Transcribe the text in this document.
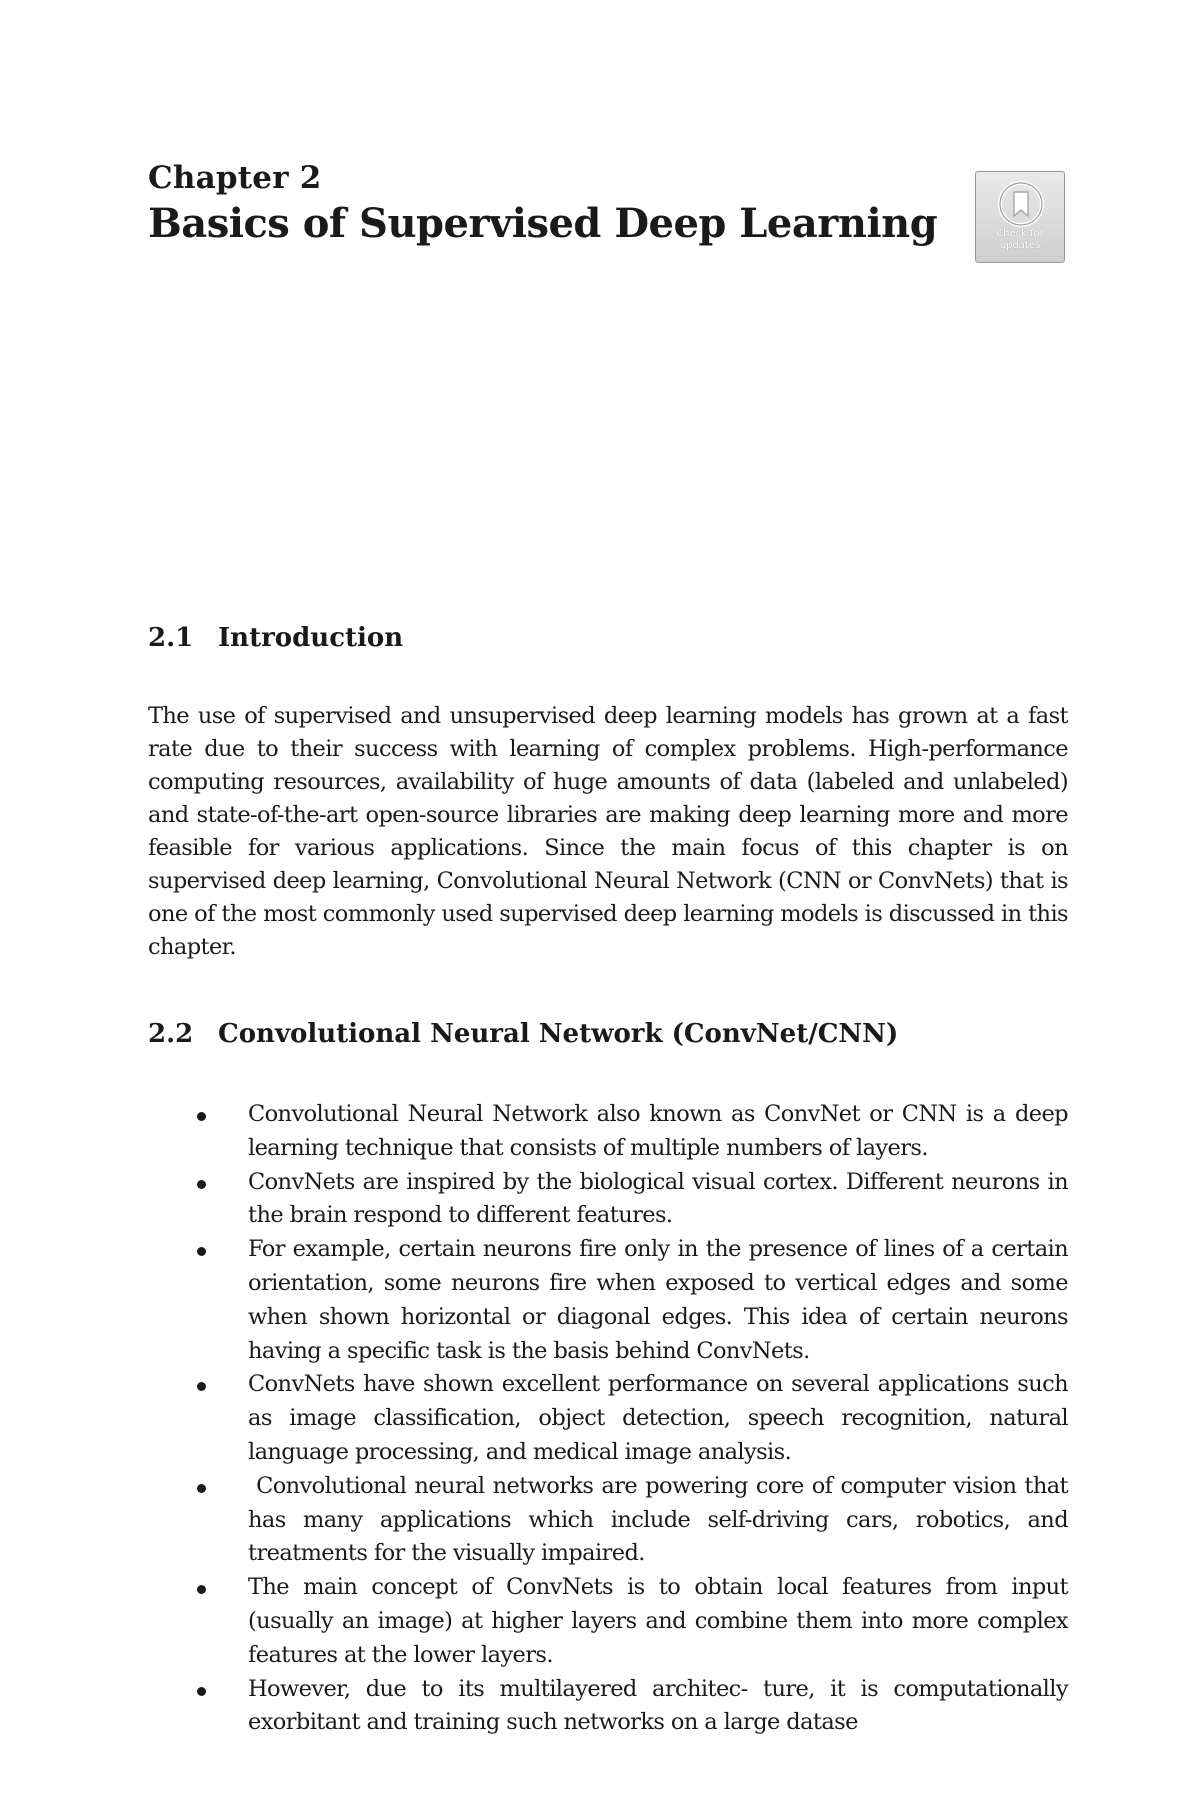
Chapter 2
Basics of Supervised Deep Learning	Check for
updates
2.1 Introduction

The use of supervised and unsupervised deep learning models has grown at a fast rate due to their success with learning of complex problems. High-performance computing resources, availability of huge amounts of data (labeled and unlabeled) and state-of-the-art open-source libraries are making deep learning more and more feasible for various applications. Since the main focus of this chapter is on supervised deep learning, Convolutional Neural Network (CNN or ConvNets) that is one of the most commonly used supervised deep learning models is discussed in this chapter.

2.2 Convolutional Neural Network (ConvNet/CNN)
Convolutional Neural Network also known as ConvNet or CNN is a deep learning technique that consists of multiple numbers of layers.
ConvNets are inspired by the biological visual cortex. Different neurons in the brain respond to different features.
For example, certain neurons fire only in the presence of lines of a certain orientation, some neurons fire when exposed to vertical edges and some when shown horizontal or diagonal edges. This idea of certain neurons having a specific task is the basis behind ConvNets.
ConvNets have shown excellent performance on several applications such as image classification, object detection, speech recognition, natural language processing, and medical image analysis.
Convolutional neural networks are powering core of computer vision that has many applications which include self-driving cars, robotics, and treatments for the visually impaired.
The main concept of ConvNets is to obtain local features from input (usually an image) at higher layers and combine them into more complex features at the lower layers.
However, due to its multilayered architec- ture, it is computationally exorbitant and training such networks on a large datase
